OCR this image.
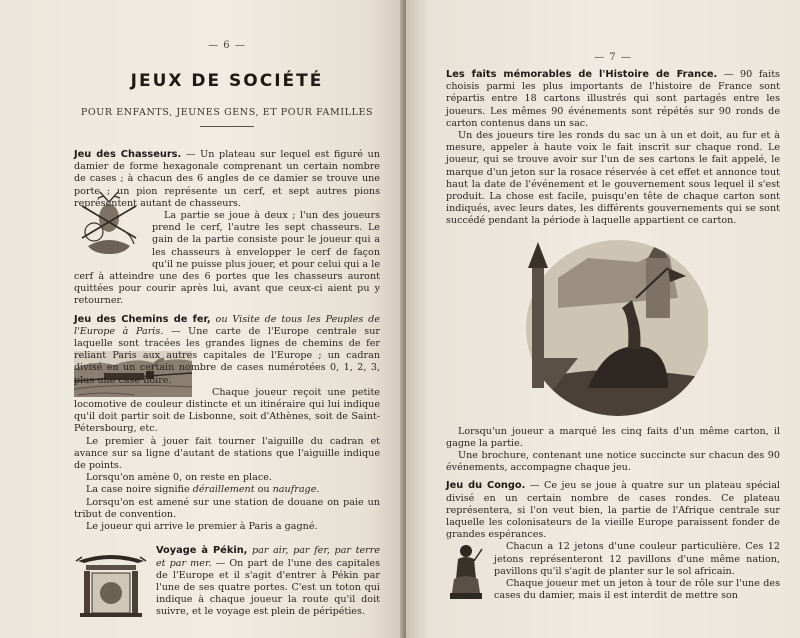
— 6 —
JEUX DE SOCIÉTÉ
POUR ENFANTS, JEUNES GENS, ET POUR FAMILLES

Jeu des Chasseurs. — Un plateau sur lequel est figuré un damier de forme hexagonale comprenant un certain nombre de cases ; à chacun des 6 angles de ce damier se trouve une porte ; un pion représente un cerf, et sept autres pions représentent autant de chasseurs.

La partie se joue à deux ; l'un des joueurs prend le cerf, l'autre les sept chasseurs. Le gain de la partie consiste pour le joueur qui a les chasseurs à envelopper le cerf de façon qu'il ne puisse plus jouer, et pour celui qui a le cerf à atteindre une des 6 portes que les chasseurs auront quittées pour courir après lui, avant que ceux-ci aient pu y retourner.

Jeu des Chemins de fer, ou Visite de tous les Peuples de l'Europe à Paris. — Une carte de l'Europe centrale sur laquelle sont tracées les grandes lignes de chemins de fer reliant Paris aux autres capitales de l'Europe ; un cadran divisé en un certain nombre de cases numérotées 0, 1, 2, 3, plus une case noire.

Chaque joueur reçoit une petite locomotive de couleur distincte et un itinéraire qui lui indique qu'il doit partir soit de Lisbonne, soit d'Athènes, soit de Saint-Pétersbourg, etc.

Le premier à jouer fait tourner l'aiguille du cadran et avance sur sa ligne d'autant de stations que l'aiguille indique de points.

Lorsqu'on amène 0, on reste en place.

La case noire signifie déraillement ou naufrage.

Lorsqu'on est amené sur une station de douane on paie un tribut de convention.

Le joueur qui arrive le premier à Paris a gagné.

Voyage à Pékin, par air, par fer, par terre et par mer. — On part de l'une des capitales de l'Europe et il s'agit d'entrer à Pékin par l'une de ses quatre portes. C'est un toton qui indique à chaque joueur la route qu'il doit suivre, et le voyage est plein de péripéties.

— 7 —

Les faits mémorables de l'Histoire de France. — 90 faits choisis parmi les plus importants de l'histoire de France sont répartis entre 18 cartons illustrés qui sont partagés entre les joueurs. Les mêmes 90 événements sont répétés sur 90 ronds de carton contenus dans un sac.

Un des joueurs tire les ronds du sac un à un et doit, au fur et à mesure, appeler à haute voix le fait inscrit sur chaque rond. Le joueur, qui se trouve avoir sur l'un de ses cartons le fait appelé, le marque d'un jeton sur la rosace réservée à cet effet et annonce tout haut la date de l'événement et le gouvernement sous lequel il s'est produit. La chose est facile, puisqu'en tête de chaque carton sont indiqués, avec leurs dates, les différents gouvernements qui se sont succédé pendant la période à laquelle appartient ce carton.

Lorsqu'un joueur a marqué les cinq faits d'un même carton, il gagne la partie.

Une brochure, contenant une notice succincte sur chacun des 90 événements, accompagne chaque jeu.

Jeu du Congo. — Ce jeu se joue à quatre sur un plateau spécial divisé en un certain nombre de cases rondes. Ce plateau représentera, si l'on veut bien, la partie de l'Afrique centrale sur laquelle les colonisateurs de la vieille Europe paraissent fonder de grandes espérances.

Chacun a 12 jetons d'une couleur particulière. Ces 12 jetons représenteront 12 pavillons d'une même nation, pavillons qu'il s'agit de planter sur le sol africain.

Chaque joueur met un jeton à tour de rôle sur l'une des cases du damier, mais il est interdit de mettre son
